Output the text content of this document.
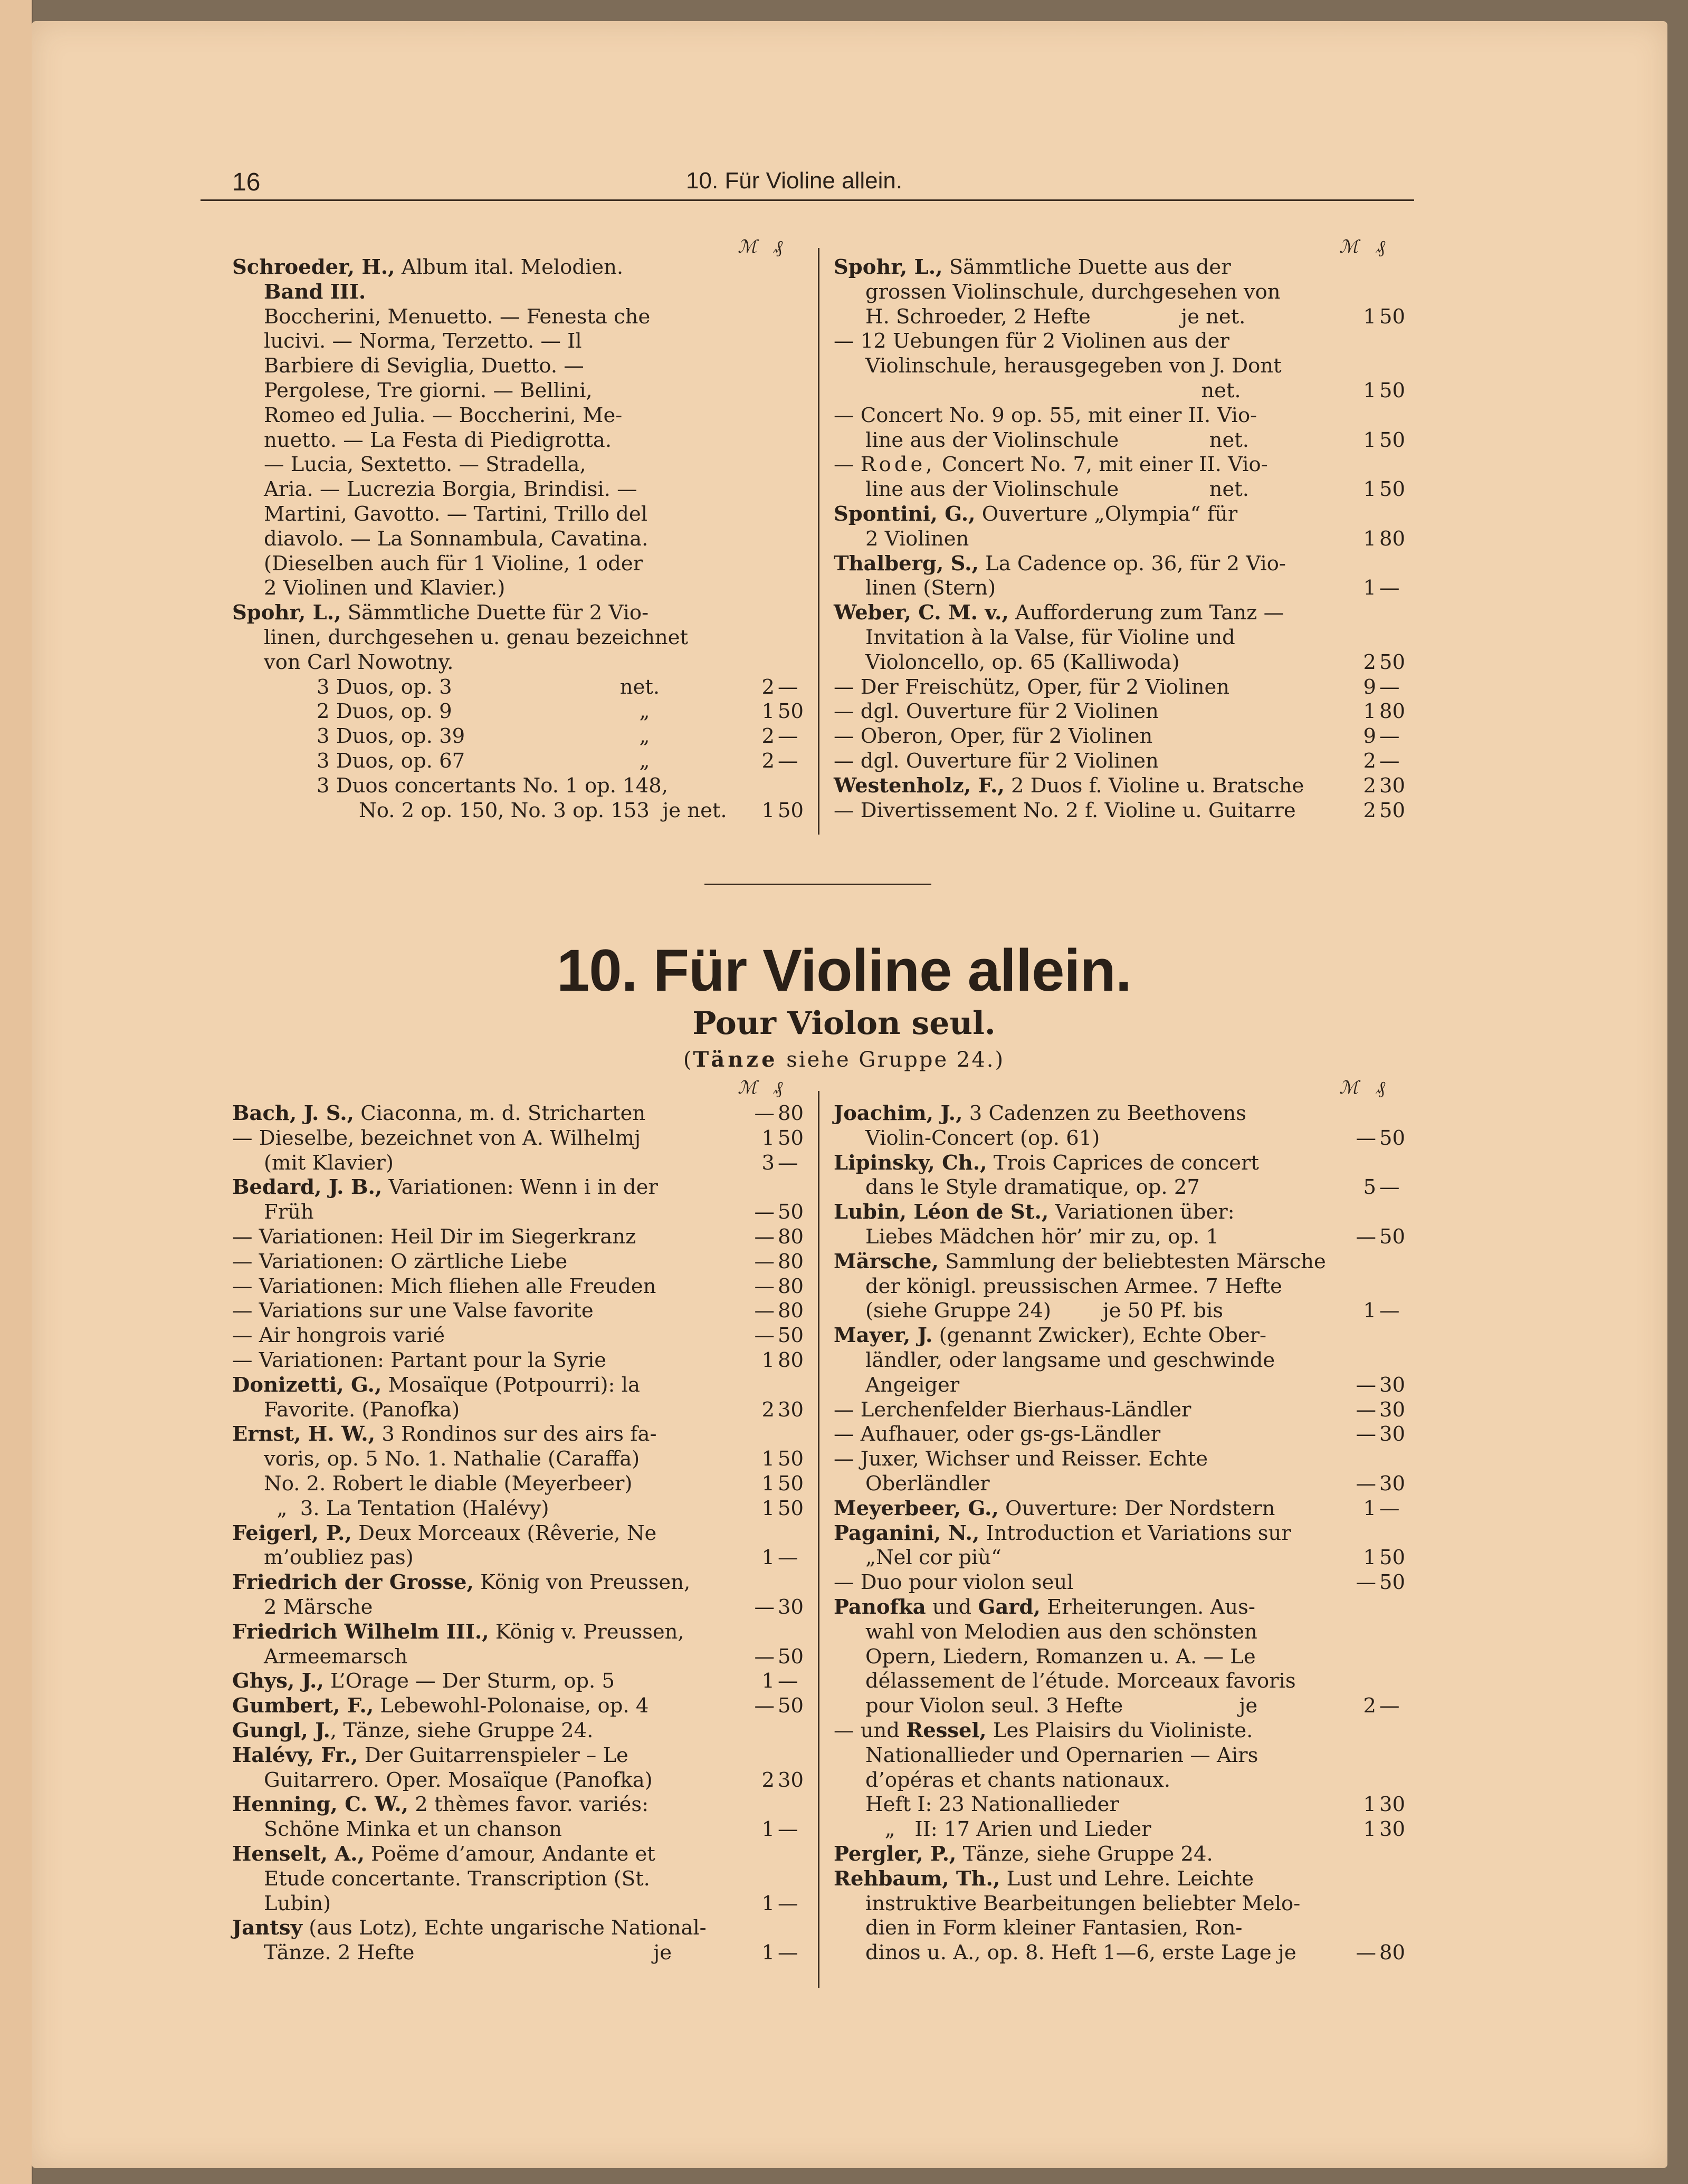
16	10. Für Violine allein.
ℳ ₰	ℳ ₰
Schroeder, H., Album ital. Melodien.
Band III.
Boccherini, Menuetto. — Fenesta che
lucivi. — Norma, Terzetto. — Il
Barbiere di Seviglia, Duetto. —
Pergolese, Tre giorni. — Bellini,
Romeo ed Julia. — Boccherini, Me-
nuetto. — La Festa di Piedigrotta.
— Lucia, Sextetto. — Stradella,
Aria. — Lucrezia Borgia, Brindisi. —
Martini, Gavotto. — Tartini, Trillo del
diavolo. — La Sonnambula, Cavatina.
(Dieselben auch für 1 Violine, 1 oder
2 Violinen und Klavier.)
Spohr, L., Sämmtliche Duette für 2 Vio-
linen, durchgesehen u. genau bezeichnet
von Carl Nowotny.
3 Duos, op. 3                          net.	2 —
2 Duos, op. 9                             „	1 50
3 Duos, op. 39                           „	2 —
3 Duos, op. 67                           „	2 —
3 Duos concertants No. 1 op. 148,
No. 2 op. 150, No. 3 op. 153  je net.	1 50
Spohr, L., Sämmtliche Duette aus der
grossen Violinschule, durchgesehen von
H. Schroeder, 2 Hefte              je net.	1 50
— 12 Uebungen für 2 Violinen aus der
Violinschule, herausgegeben von J. Dont
net.	1 50
— Concert No. 9 op. 55, mit einer II. Vio-
line aus der Violinschule              net.	1 50
— Rode, Concert No. 7, mit einer II. Vio-
line aus der Violinschule              net.	1 50
Spontini, G., Ouverture „Olympia“ für
2 Violinen	1 80
Thalberg, S., La Cadence op. 36, für 2 Vio-
linen (Stern)	1 —
Weber, C. M. v., Aufforderung zum Tanz —
Invitation à la Valse, für Violine und
Violoncello, op. 65 (Kalliwoda)	2 50
— Der Freischütz, Oper, für 2 Violinen	9 —
— dgl. Ouverture für 2 Violinen	1 80
— Oberon, Oper, für 2 Violinen	9 —
— dgl. Ouverture für 2 Violinen	2 —
Westenholz, F., 2 Duos f. Violine u. Bratsche	2 30
— Divertissement No. 2 f. Violine u. Guitarre	2 50
10. Für Violine allein.
Pour Violon seul.
(Tänze siehe Gruppe 24.)
ℳ ₰	ℳ ₰
Bach, J. S., Ciaconna, m. d. Stricharten	— 80
— Dieselbe, bezeichnet von A. Wilhelmj	1 50
(mit Klavier)	3 —
Bedard, J. B., Variationen: Wenn i in der
Früh	— 50
— Variationen: Heil Dir im Siegerkranz	— 80
— Variationen: O zärtliche Liebe	— 80
— Variationen: Mich fliehen alle Freuden	— 80
— Variations sur une Valse favorite	— 80
— Air hongrois varié	— 50
— Variationen: Partant pour la Syrie	1 80
Donizetti, G., Mosaïque (Potpourri): la
Favorite. (Panofka)	2 30
Ernst, H. W., 3 Rondinos sur des airs fa-
voris, op. 5 No. 1. Nathalie (Caraffa)	1 50
No. 2. Robert le diable (Meyerbeer)	1 50
„  3. La Tentation (Halévy)	1 50
Feigerl, P., Deux Morceaux (Rêverie, Ne
m’oubliez pas)	1 —
Friedrich der Grosse, König von Preussen,
2 Märsche	— 30
Friedrich Wilhelm III., König v. Preussen,
Armeemarsch	— 50
Ghys, J., L’Orage — Der Sturm, op. 5	1 —
Gumbert, F., Lebewohl-Polonaise, op. 4	— 50
Gungl, J., Tänze, siehe Gruppe 24.
Halévy, Fr., Der Guitarrenspieler – Le
Guitarrero. Oper. Mosaïque (Panofka)	2 30
Henning, C. W., 2 thèmes favor. variés:
Schöne Minka et un chanson	1 —
Henselt, A., Poëme d’amour, Andante et
Etude concertante. Transcription (St.
Lubin)	1 —
Jantsy (aus Lotz), Echte ungarische National-
Tänze. 2 Hefte                                     je	1 —
Joachim, J., 3 Cadenzen zu Beethovens
Violin-Concert (op. 61)	— 50
Lipinsky, Ch., Trois Caprices de concert
dans le Style dramatique, op. 27	5 —
Lubin, Léon de St., Variationen über:
Liebes Mädchen hör’ mir zu, op. 1	— 50
Märsche, Sammlung der beliebtesten Märsche
der königl. preussischen Armee. 7 Hefte
(siehe Gruppe 24)        je 50 Pf. bis	1 —
Mayer, J. (genannt Zwicker), Echte Ober-
ländler, oder langsame und geschwinde
Angeiger	— 30
— Lerchenfelder Bierhaus-Ländler	— 30
— Aufhauer, oder gs-gs-Ländler	— 30
— Juxer, Wichser und Reisser. Echte
Oberländler	— 30
Meyerbeer, G., Ouverture: Der Nordstern	1 —
Paganini, N., Introduction et Variations sur
„Nel cor più“	1 50
— Duo pour violon seul	— 50
Panofka und Gard, Erheiterungen. Aus-
wahl von Melodien aus den schönsten
Opern, Liedern, Romanzen u. A. — Le
délassement de l’étude. Morceaux favoris
pour Violon seul. 3 Hefte                  je	2 —
— und Ressel, Les Plaisirs du Violiniste.
Nationallieder und Opernarien — Airs
d’opéras et chants nationaux.
Heft I: 23 Nationallieder	1 30
„   II: 17 Arien und Lieder	1 30
Pergler, P., Tänze, siehe Gruppe 24.
Rehbaum, Th., Lust und Lehre. Leichte
instruktive Bearbeitungen beliebter Melo-
dien in Form kleiner Fantasien, Ron-
dinos u. A., op. 8. Heft 1—6, erste Lage je	— 80
